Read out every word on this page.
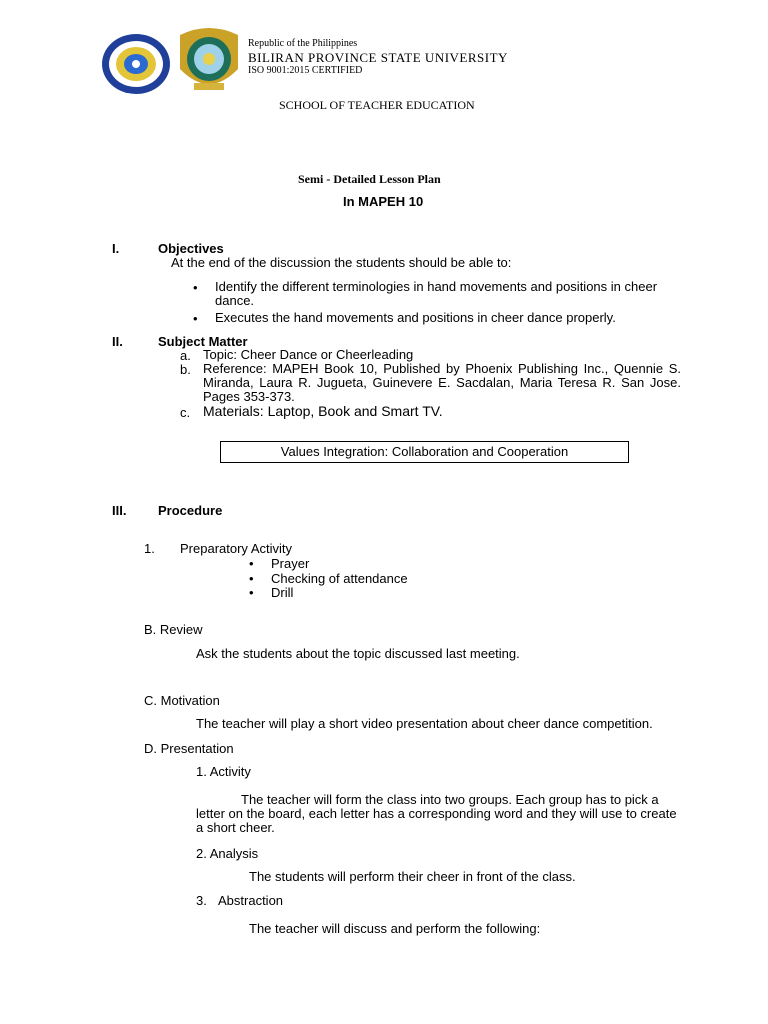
Republic of the Philippines
BILIRAN PROVINCE STATE UNIVERSITY
ISO 9001:2015 CERTIFIED
SCHOOL OF TEACHER EDUCATION
Semi - Detailed Lesson Plan
In MAPEH 10
I.	Objectives
At the end of the discussion the students should be able to:
• Identify the different terminologies in hand movements and positions in cheer dance.
• Executes the hand movements and positions in cheer dance properly.
II.	Subject Matter
a. Topic: Cheer Dance or Cheerleading
b. Reference: MAPEH Book 10, Published by Phoenix Publishing Inc., Quennie S. Miranda, Laura R. Jugueta, Guinevere E. Sacdalan, Maria Teresa R. San Jose. Pages 353-373.
c. Materials: Laptop, Book and Smart TV.
Values Integration: Collaboration and Cooperation
III. Procedure
1. Preparatory Activity
• Prayer
• Checking of attendance
• Drill
B. Review
Ask the students about the topic discussed last meeting.
C. Motivation
The teacher will play a short video presentation about cheer dance competition.
D. Presentation
1. Activity
The teacher will form the class into two groups. Each group has to pick a letter on the board, each letter has a corresponding word and they will use to create a short cheer.
2. Analysis
The students will perform their cheer in front of the class.
3. Abstraction
The teacher will discuss and perform the following:
